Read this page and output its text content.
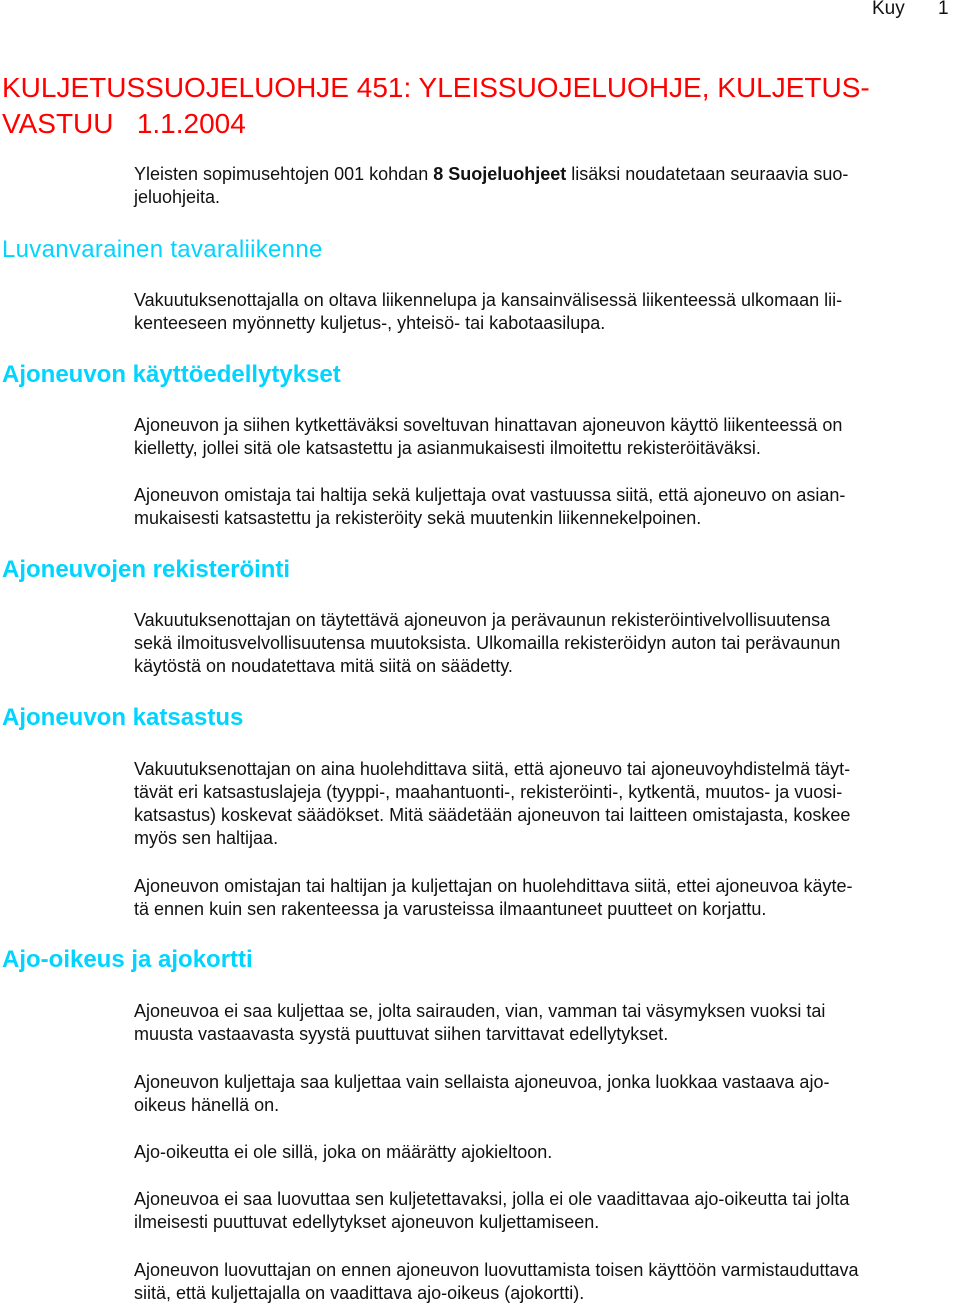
Kuy 1
KULJETUSSUOJELUOHJE 451: YLEISSUOJELUOHJE, KULJETUS-
VASTUU   1.1.2004

Yleisten sopimusehtojen 001 kohdan 8 Suojeluohjeet lisäksi noudatetaan seuraavia suo-
jeluohjeita.

Luvanvarainen tavaraliikenne

Vakuutuksenottajalla on oltava liikennelupa ja kansainvälisessä liikenteessä ulkomaan lii-
kenteeseen myönnetty kuljetus-, yhteisö- tai kabotaasilupa.

Ajoneuvon käyttöedellytykset

Ajoneuvon ja siihen kytkettäväksi soveltuvan hinattavan ajoneuvon käyttö liikenteessä on
kielletty, jollei sitä ole katsastettu ja asianmukaisesti ilmoitettu rekisteröitäväksi.

Ajoneuvon omistaja tai haltija sekä kuljettaja ovat vastuussa siitä, että ajoneuvo on asian-
mukaisesti katsastettu ja rekisteröity sekä muutenkin liikennekelpoinen.

Ajoneuvojen rekisteröinti

Vakuutuksenottajan on täytettävä ajoneuvon ja perävaunun rekisteröintivelvollisuutensa
sekä ilmoitusvelvollisuutensa muutoksista. Ulkomailla rekisteröidyn auton tai perävaunun
käytöstä on noudatettava mitä siitä on säädetty.

Ajoneuvon katsastus

Vakuutuksenottajan on aina huolehdittava siitä, että ajoneuvo tai ajoneuvoyhdistelmä täyt-
tävät eri katsastuslajeja (tyyppi-, maahantuonti-, rekisteröinti-, kytkentä, muutos- ja vuosi-
katsastus) koskevat säädökset. Mitä säädetään ajoneuvon tai laitteen omistajasta, koskee
myös sen haltijaa.

Ajoneuvon omistajan tai haltijan ja kuljettajan on huolehdittava siitä, ettei ajoneuvoa käyte-
tä ennen kuin sen rakenteessa ja varusteissa ilmaantuneet puutteet on korjattu.

Ajo-oikeus ja ajokortti

Ajoneuvoa ei saa kuljettaa se, jolta sairauden, vian, vamman tai väsymyksen vuoksi tai
muusta vastaavasta syystä puuttuvat siihen tarvittavat edellytykset.

Ajoneuvon kuljettaja saa kuljettaa vain sellaista ajoneuvoa, jonka luokkaa vastaava ajo-
oikeus hänellä on.

Ajo-oikeutta ei ole sillä, joka on määrätty ajokieltoon.

Ajoneuvoa ei saa luovuttaa sen kuljetettavaksi, jolla ei ole vaadittavaa ajo-oikeutta tai jolta
ilmeisesti puuttuvat edellytykset ajoneuvon kuljettamiseen.

Ajoneuvon luovuttajan on ennen ajoneuvon luovuttamista toisen käyttöön varmistauduttava
siitä, että kuljettajalla on vaadittava ajo-oikeus (ajokortti).
